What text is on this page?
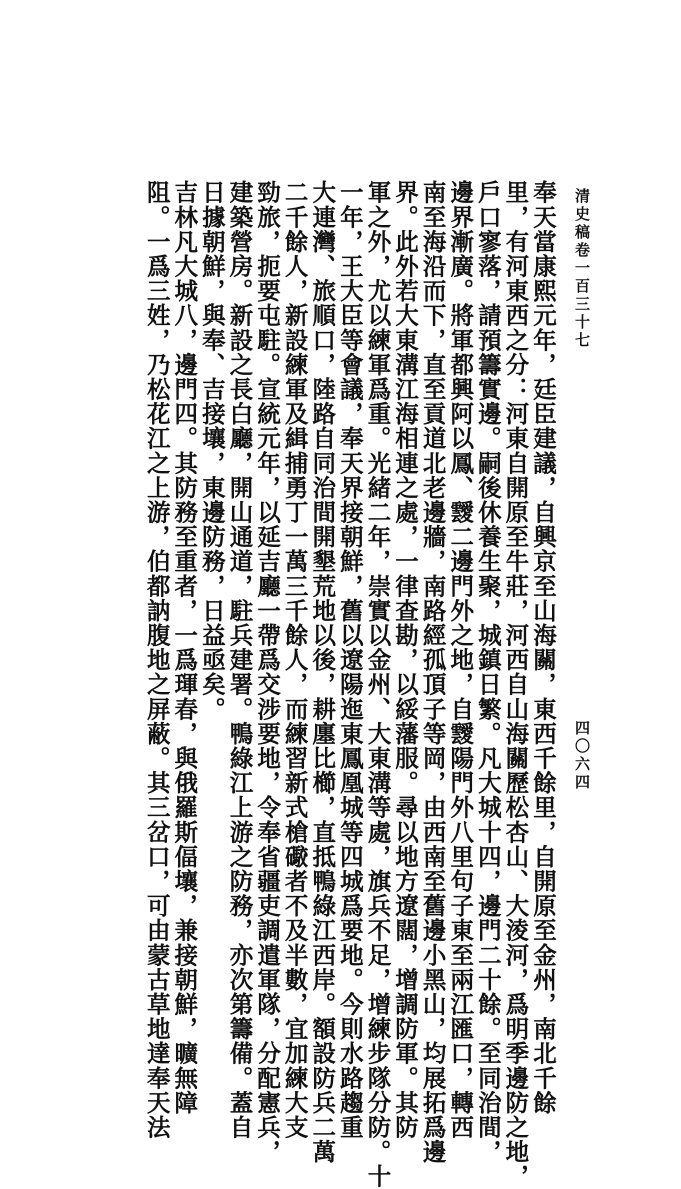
清史稿卷一百三十七
四〇六四
奉天當康熙元年，廷臣建議，自興京至山海關，東西千餘里，自開原至金州，南北千餘
里，有河東西之分：河東自開原至牛莊，河西自山海關歷松杏山、大淩河，爲明季邊防之地，
戶口寥落，請預籌實邊。嗣後休養生聚，城鎮日繁。凡大城十四，邊門二十餘。至同治間，
邊界漸廣。將軍都興阿以鳳、靉二邊門外之地，自靉陽門外八里句子東至兩江匯口，轉西
南至海沿而下，直至貢道北老邊牆，南路經孤頂子等岡，由西南至舊邊小黑山，均展拓爲邊
界。此外若大東溝江海相連之處，一律查勘，以綏藩服。尋以地方遼闊，增調防軍。其防
軍之外，尤以練軍爲重。光緒二年，崇實以金州、大東溝等處，旗兵不足，增練步隊分防。十
一年，王大臣等會議，奉天界接朝鮮，舊以遼陽迤東鳳凰城等四城爲要地。今則水路趨重
大連灣、旅順口，陸路自同治間開墾荒地以後，耕廛比櫛，直抵鴨綠江西岸。額設防兵二萬
二千餘人，新設練軍及緝捕勇丁一萬三千餘人，而練習新式槍礮者不及半數，宜加練大支
勁旅，扼要屯駐。宣統元年，以延吉廳一帶爲交涉要地，令奉省疆吏調遣軍隊，分配憲兵，
建築營房。新設之長白廳，開山通道，駐兵建署。鴨綠江上游之防務，亦次第籌備。蓋自
日據朝鮮，與奉、吉接壤，東邊防務，日益亟矣。
吉林凡大城八，邊門四。其防務至重者，一爲琿春，與俄羅斯偪壤，兼接朝鮮，曠無障
阻。一爲三姓，乃松花江之上游，伯都訥腹地之屏蔽。其三岔口，可由蒙古草地達奉天法
